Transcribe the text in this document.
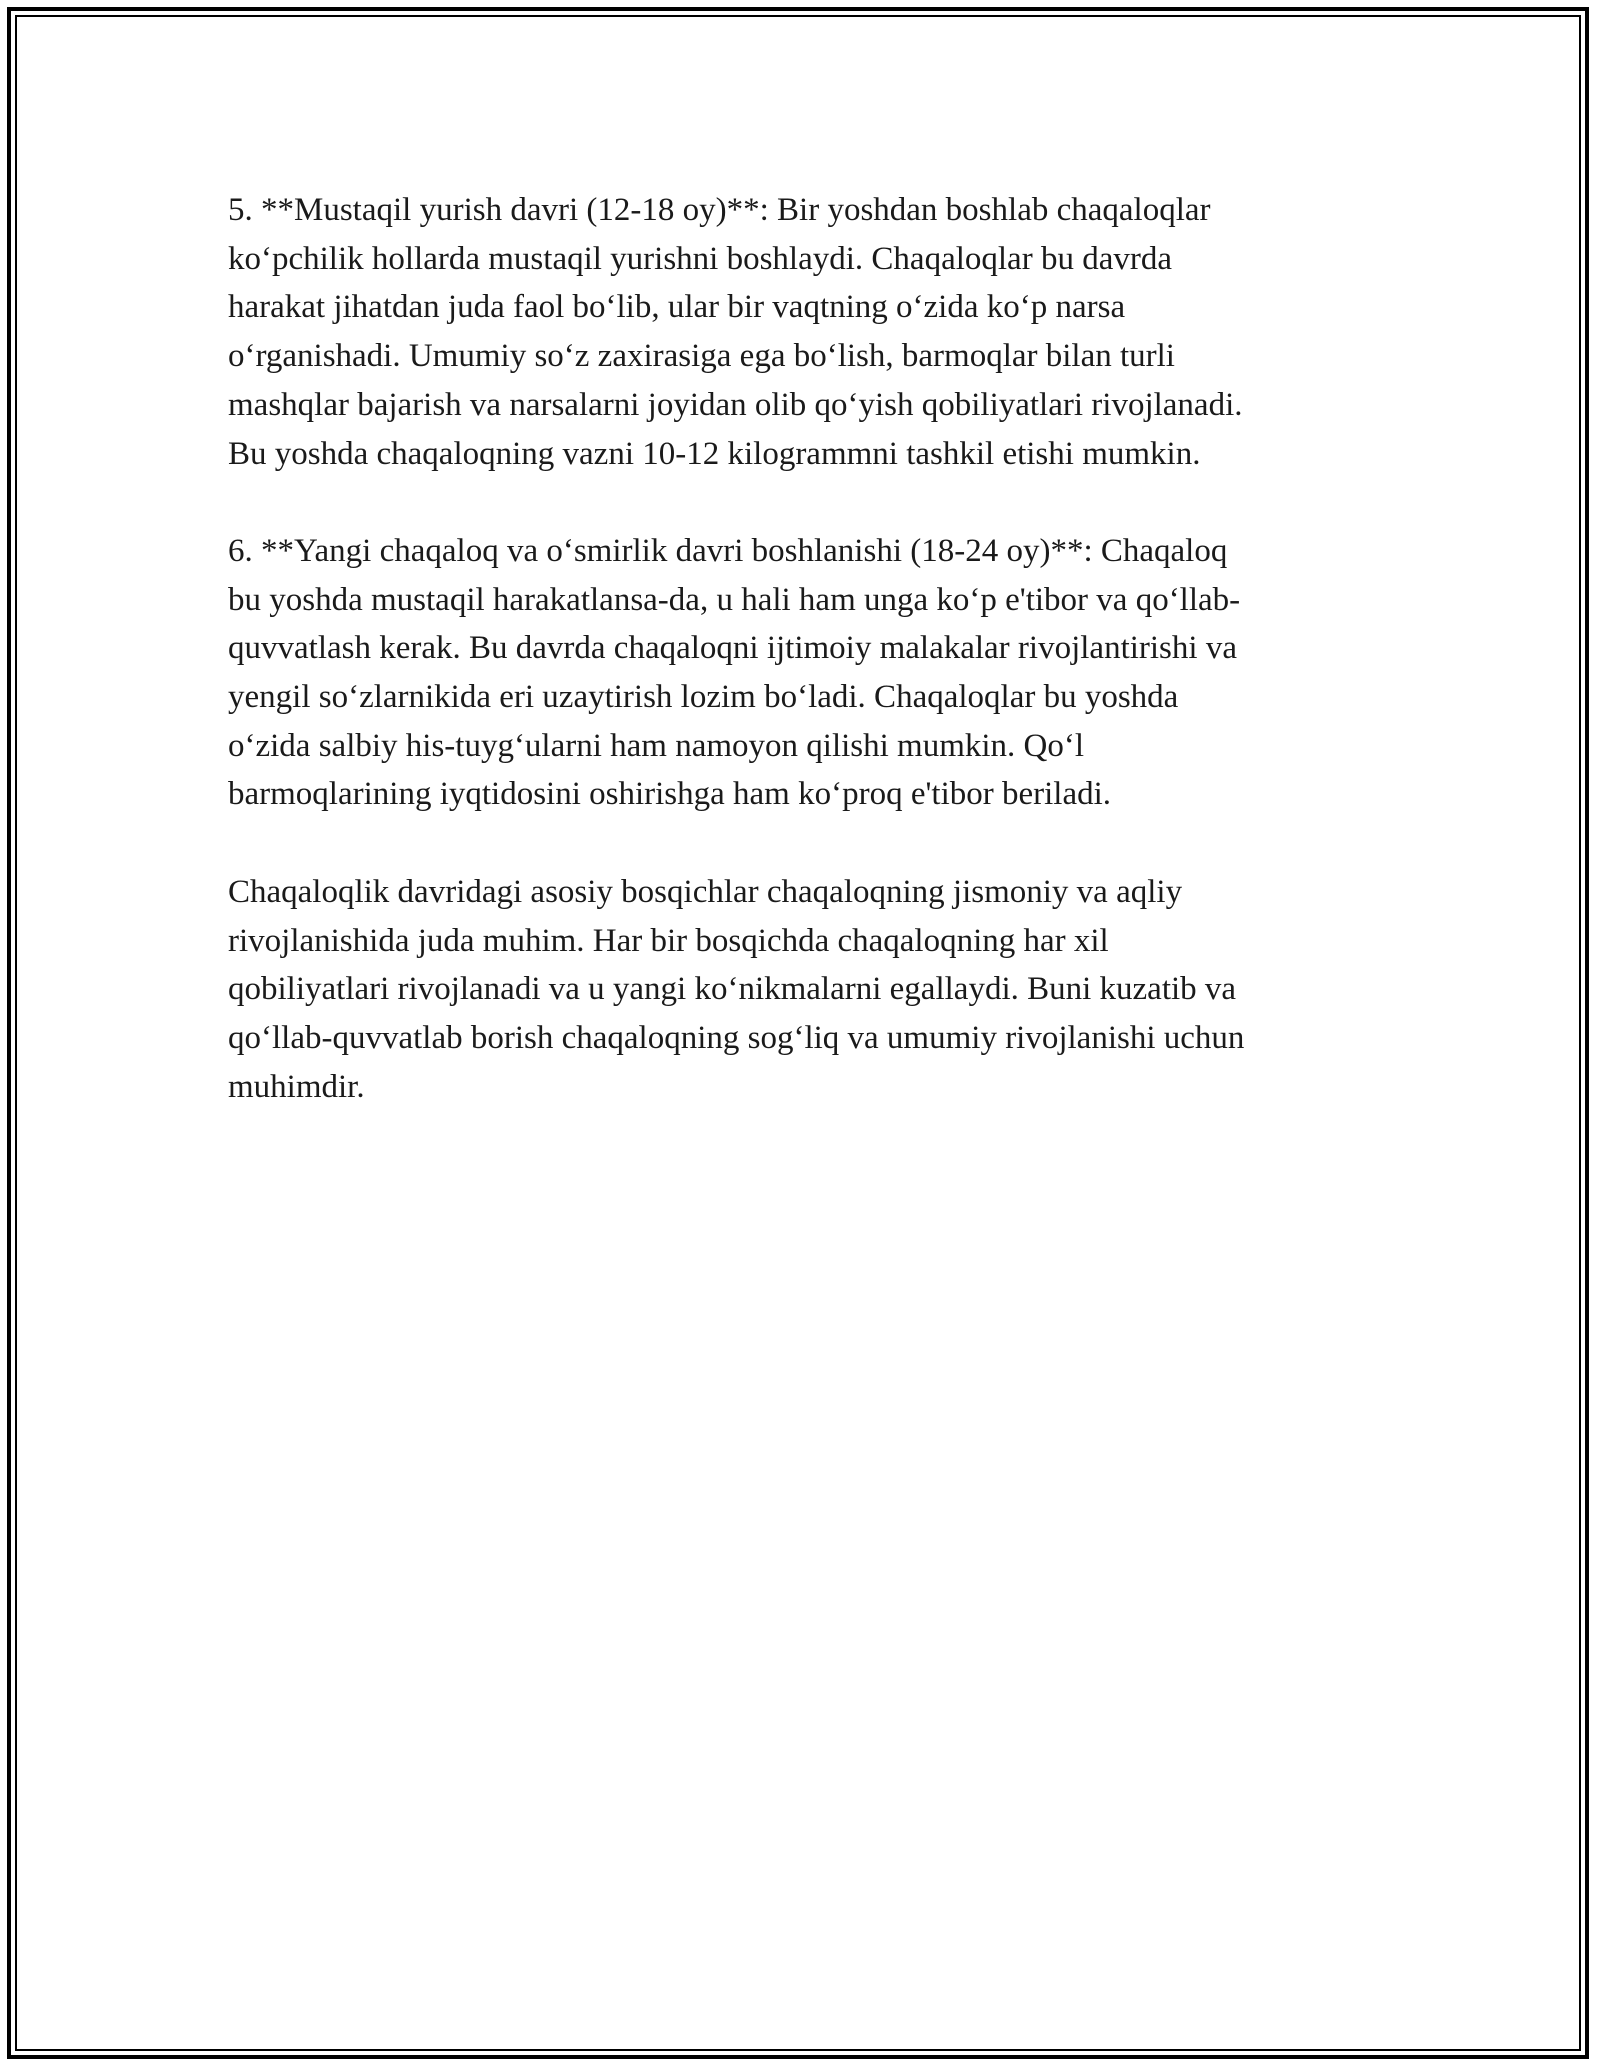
5. **Mustaqil yurish davri (12-18 oy)**: Bir yoshdan boshlab chaqaloqlar
koʻpchilik hollarda mustaqil yurishni boshlaydi. Chaqaloqlar bu davrda
harakat jihatdan juda faol boʻlib, ular bir vaqtning oʻzida koʻp narsa
oʻrganishadi. Umumiy soʻz zaxirasiga ega boʻlish, barmoqlar bilan turli
mashqlar bajarish va narsalarni joyidan olib qoʻyish qobiliyatlari rivojlanadi.
Bu yoshda chaqaloqning vazni 10-12 kilogrammni tashkil etishi mumkin.

6. **Yangi chaqaloq va oʻsmirlik davri boshlanishi (18-24 oy)**: Chaqaloq
bu yoshda mustaqil harakatlansa-da, u hali ham unga koʻp e'tibor va qoʻllab-
quvvatlash kerak. Bu davrda chaqaloqni ijtimoiy malakalar rivojlantirishi va
yengil soʻzlarnikida eri uzaytirish lozim boʻladi. Chaqaloqlar bu yoshda
oʻzida salbiy his-tuygʻularni ham namoyon qilishi mumkin. Qoʻl
barmoqlarining iyqtidosini oshirishga ham koʻproq e'tibor beriladi.

Chaqaloqlik davridagi asosiy bosqichlar chaqaloqning jismoniy va aqliy
rivojlanishida juda muhim. Har bir bosqichda chaqaloqning har xil
qobiliyatlari rivojlanadi va u yangi koʻnikmalarni egallaydi. Buni kuzatib va
qoʻllab-quvvatlab borish chaqaloqning sogʻliq va umumiy rivojlanishi uchun
muhimdir.
